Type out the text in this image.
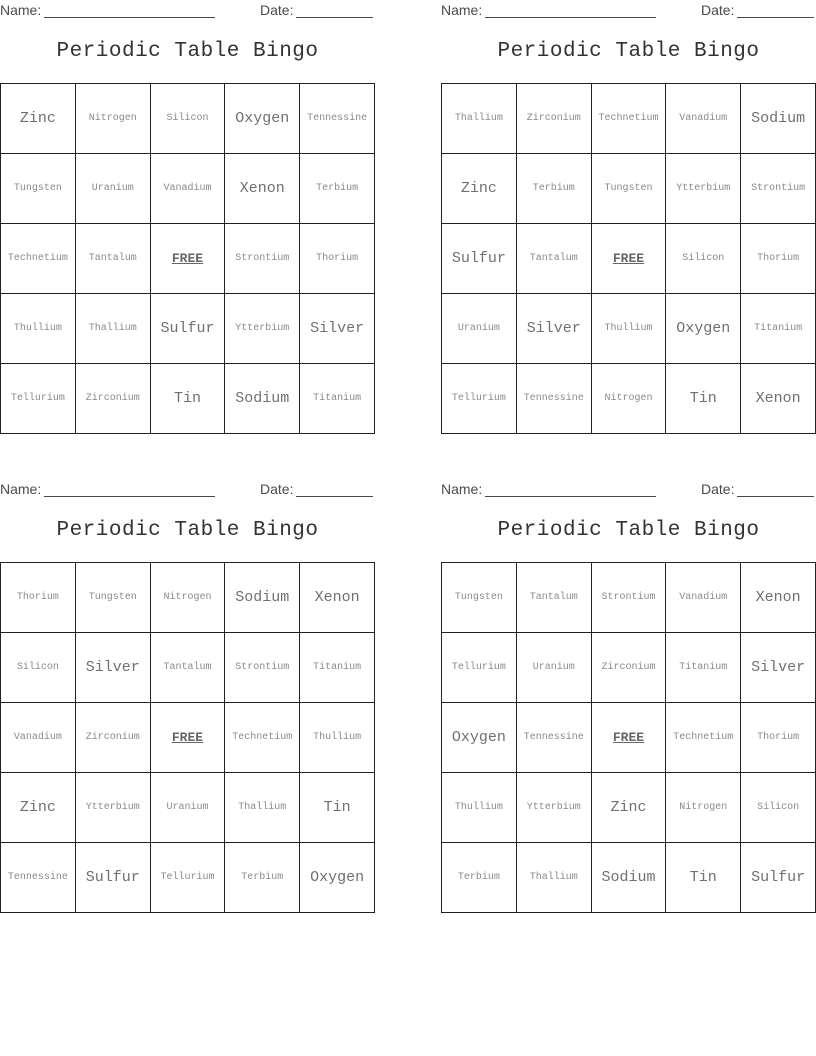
Name:	Date:
Periodic Table Bingo
Zinc	Nitrogen	Silicon	Oxygen	Tennessine
Tungsten	Uranium	Vanadium	Xenon	Terbium
Technetium	Tantalum	FREE	Strontium	Thorium
Thullium	Thallium	Sulfur	Ytterbium	Silver
Tellurium	Zirconium	Tin	Sodium	Titanium
Name:	Date:
Periodic Table Bingo
Thallium	Zirconium	Technetium	Vanadium	Sodium
Zinc	Terbium	Tungsten	Ytterbium	Strontium
Sulfur	Tantalum	FREE	Silicon	Thorium
Uranium	Silver	Thullium	Oxygen	Titanium
Tellurium	Tennessine	Nitrogen	Tin	Xenon
Name:	Date:
Periodic Table Bingo
Thorium	Tungsten	Nitrogen	Sodium	Xenon
Silicon	Silver	Tantalum	Strontium	Titanium
Vanadium	Zirconium	FREE	Technetium	Thullium
Zinc	Ytterbium	Uranium	Thallium	Tin
Tennessine	Sulfur	Tellurium	Terbium	Oxygen
Name:	Date:
Periodic Table Bingo
Tungsten	Tantalum	Strontium	Vanadium	Xenon
Tellurium	Uranium	Zirconium	Titanium	Silver
Oxygen	Tennessine	FREE	Technetium	Thorium
Thullium	Ytterbium	Zinc	Nitrogen	Silicon
Terbium	Thallium	Sodium	Tin	Sulfur
